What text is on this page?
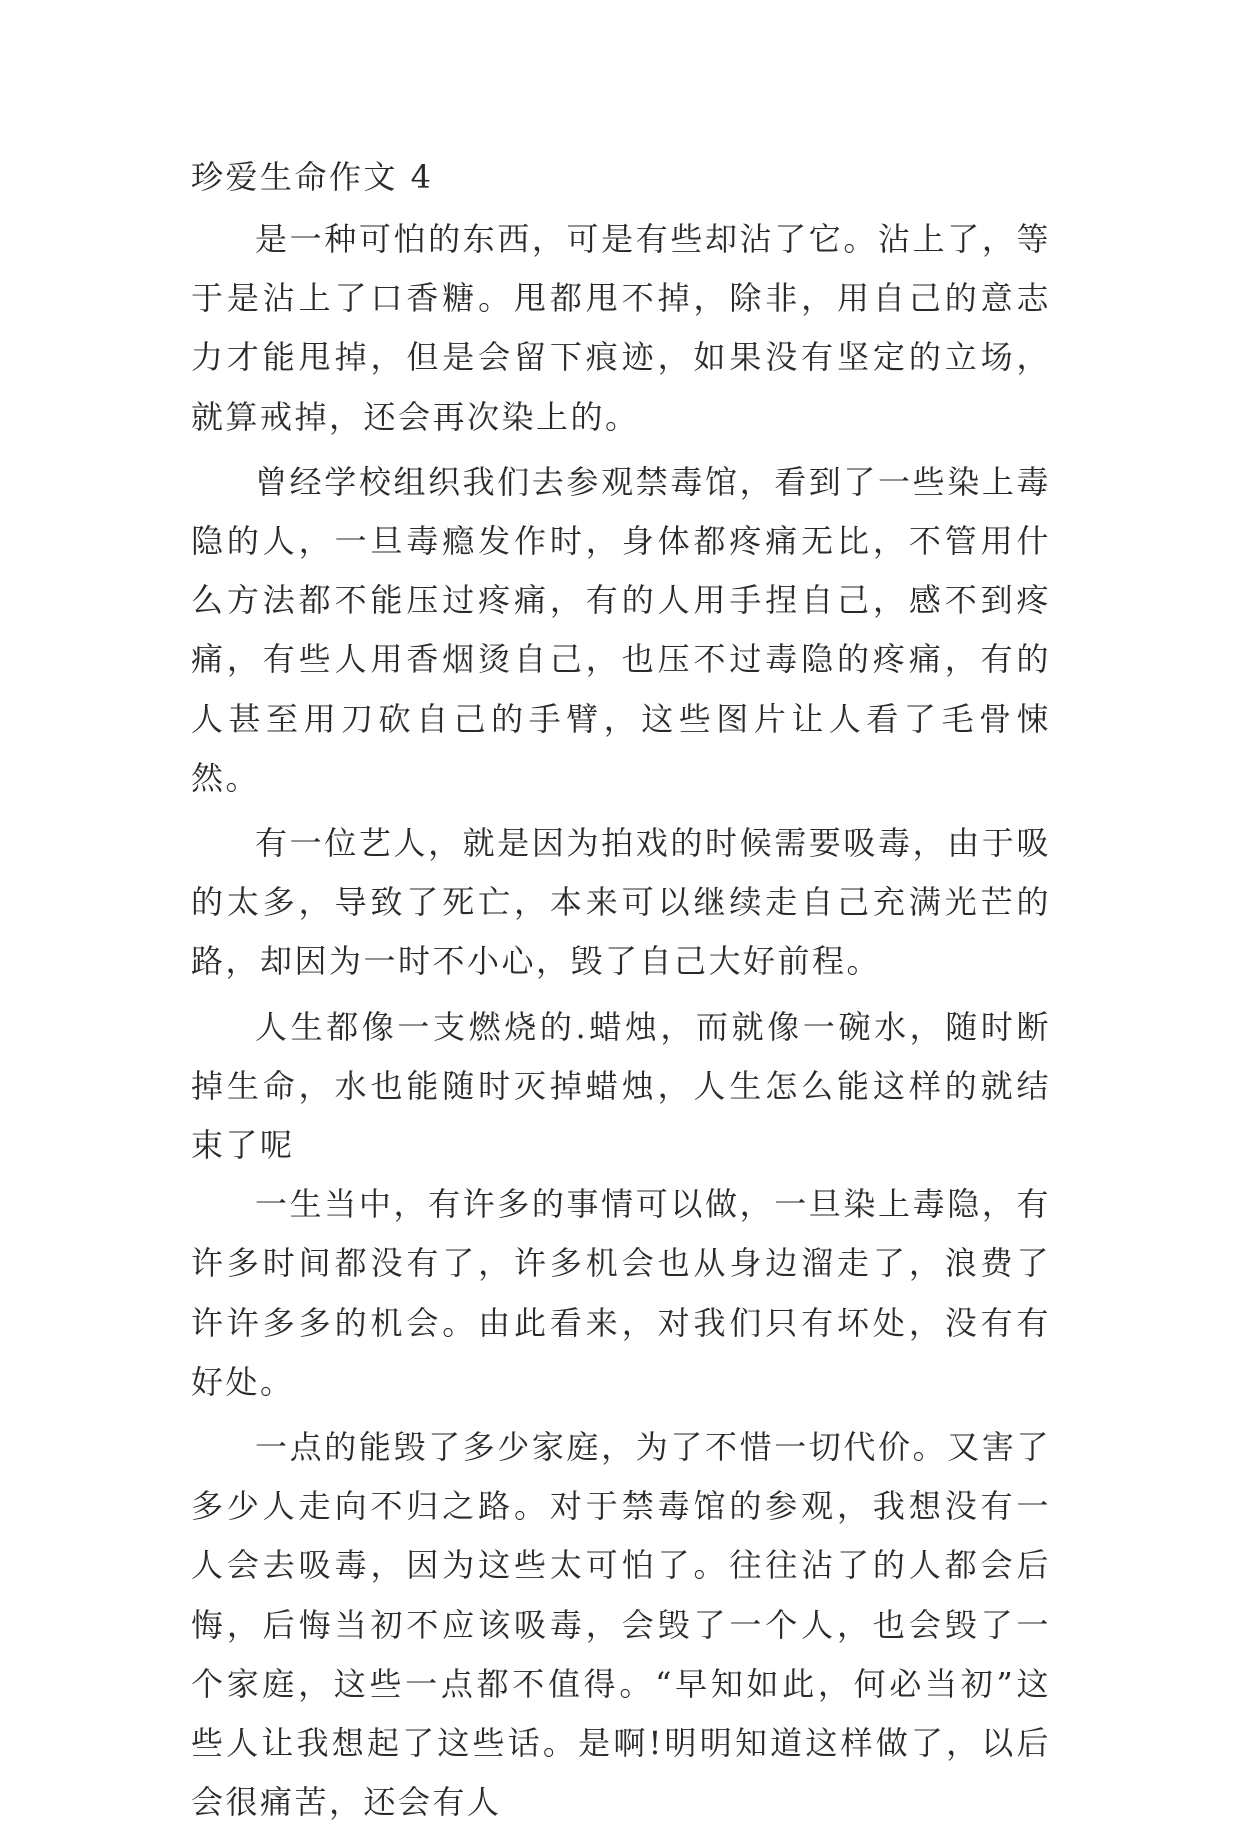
珍爱生命作文 4

是一种可怕的东西，可是有些却沾了它。沾上了，等于是沾上了口香糖。甩都甩不掉，除非，用自己的意志力才能甩掉，但是会留下痕迹，如果没有坚定的立场，就算戒掉，还会再次染上的。

曾经学校组织我们去参观禁毒馆，看到了一些染上毒隐的人，一旦毒瘾发作时，身体都疼痛无比，不管用什么方法都不能压过疼痛，有的人用手捏自己，感不到疼痛，有些人用香烟烫自己，也压不过毒隐的疼痛，有的人甚至用刀砍自己的手臂，这些图片让人看了毛骨悚然。

有一位艺人，就是因为拍戏的时候需要吸毒，由于吸的太多，导致了死亡，本来可以继续走自己充满光芒的路，却因为一时不小心，毁了自己大好前程。

人生都像一支燃烧的.蜡烛，而就像一碗水，随时断掉生命，水也能随时灭掉蜡烛，人生怎么能这样的就结束了呢

一生当中，有许多的事情可以做，一旦染上毒隐，有许多时间都没有了，许多机会也从身边溜走了，浪费了许许多多的机会。由此看来，对我们只有坏处，没有有好处。

一点的能毁了多少家庭，为了不惜一切代价。又害了多少人走向不归之路。对于禁毒馆的参观，我想没有一人会去吸毒，因为这些太可怕了。往往沾了的人都会后悔，后悔当初不应该吸毒，会毁了一个人，也会毁了一个家庭，这些一点都不值得。“早知如此，何必当初”这些人让我想起了这些话。是啊!明明知道这样做了，以后会很痛苦，还会有人
